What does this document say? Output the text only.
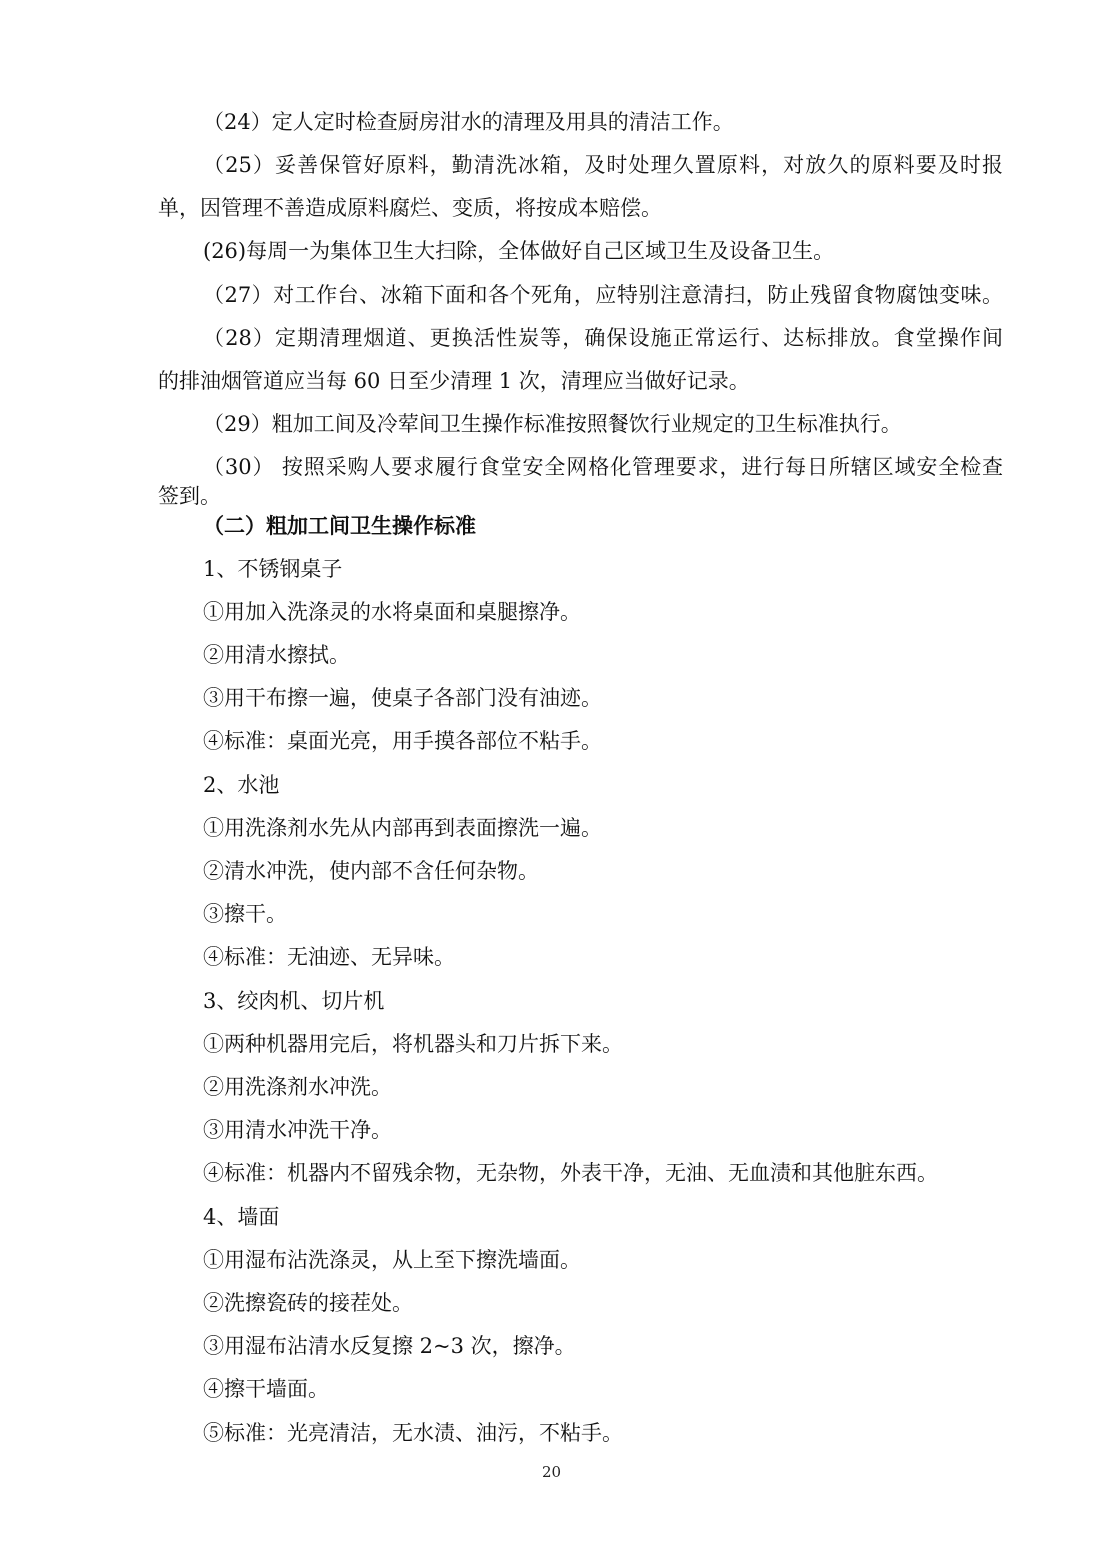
（24）定人定时检查厨房泔水的清理及用具的清洁工作。
（25）妥善保管好原料，勤清洗冰箱，及时处理久置原料，对放久的原料要及时报
单，因管理不善造成原料腐烂、变质，将按成本赔偿。
(26)每周一为集体卫生大扫除，全体做好自己区域卫生及设备卫生。
（27）对工作台、冰箱下面和各个死角，应特别注意清扫，防止残留食物腐蚀变味。
（28）定期清理烟道、更换活性炭等，确保设施正常运行、达标排放。食堂操作间
的排油烟管道应当每 60 日至少清理 1 次，清理应当做好记录。
（29）粗加工间及冷荤间卫生操作标准按照餐饮行业规定的卫生标准执行。
（30） 按照采购人要求履行食堂安全网格化管理要求，进行每日所辖区域安全检查
签到。
（二）粗加工间卫生操作标准
1、不锈钢桌子
①用加入洗涤灵的水将桌面和桌腿擦净。
②用清水擦拭。
③用干布擦一遍，使桌子各部门没有油迹。
④标准：桌面光亮，用手摸各部位不粘手。
2、水池
①用洗涤剂水先从内部再到表面擦洗一遍。
②清水冲洗，使内部不含任何杂物。
③擦干。
④标准：无油迹、无异味。
3、绞肉机、切片机
①两种机器用完后，将机器头和刀片拆下来。
②用洗涤剂水冲洗。
③用清水冲洗干净。
④标准：机器内不留残余物，无杂物，外表干净，无油、无血渍和其他脏东西。
4、墙面
①用湿布沾洗涤灵，从上至下擦洗墙面。
②洗擦瓷砖的接茬处。
③用湿布沾清水反复擦 2~3 次，擦净。
④擦干墙面。
⑤标准：光亮清洁，无水渍、油污，不粘手。
20
